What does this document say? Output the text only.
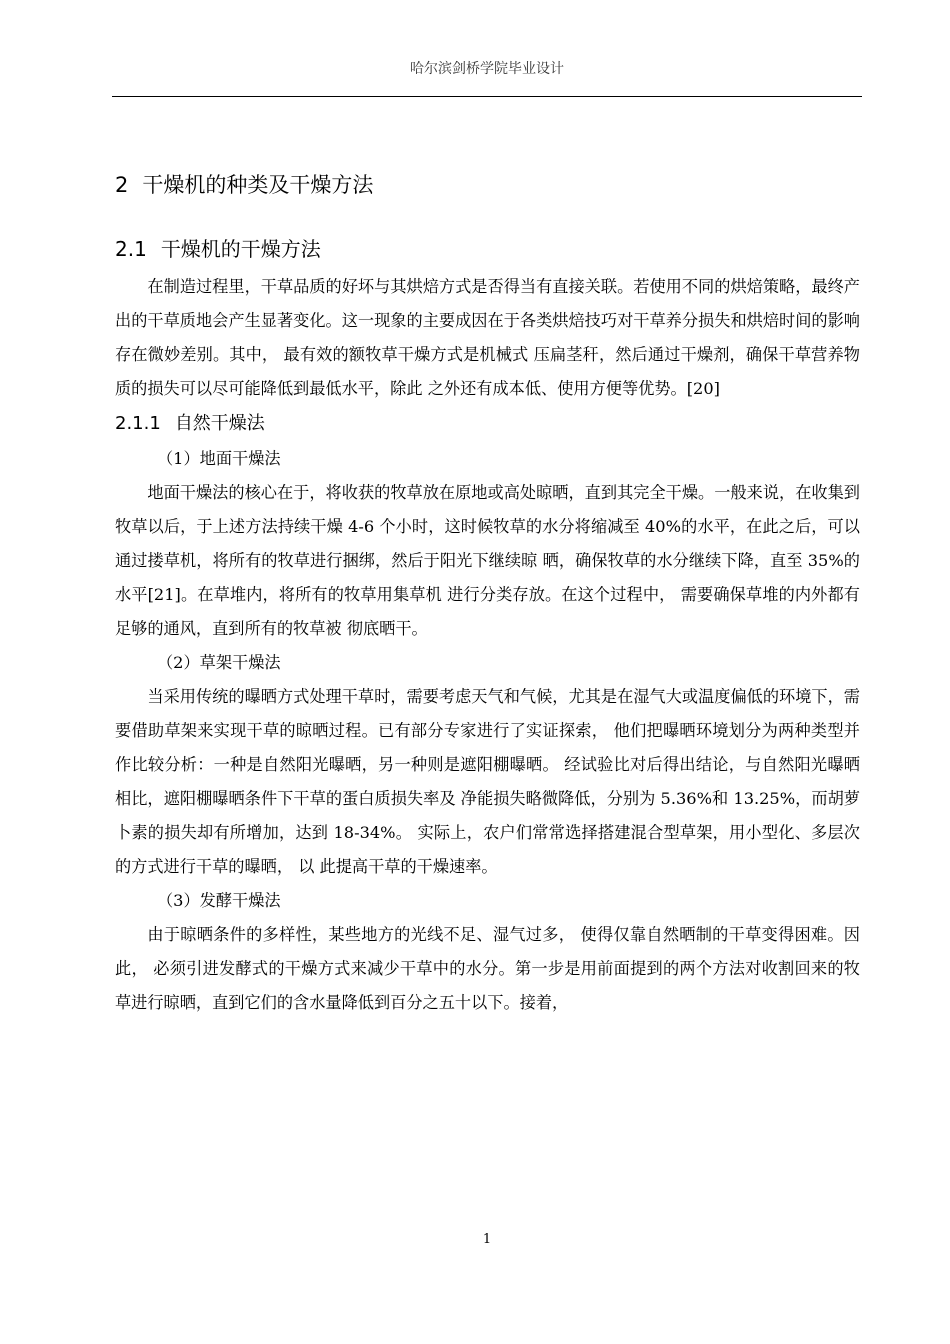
哈尔滨剑桥学院毕业设计
2 干燥机的种类及干燥方法
2.1 干燥机的干燥方法

在制造过程里，干草品质的好坏与其烘焙方式是否得当有直接关联。若使用不同的烘焙策略，最终产出的干草质地会产生显著变化。这一现象的主要成因在于各类烘焙技巧对干草养分损失和烘焙时间的影响存在微妙差别。其中， 最有效的额牧草干燥方式是机械式 压扁茎秆，然后通过干燥剂，确保干草营养物质的损失可以尽可能降低到最低水平，除此 之外还有成本低、使用方便等优势。[20]

2.1.1 自然干燥法

（1）地面干燥法

地面干燥法的核心在于，将收获的牧草放在原地或高处晾晒，直到其完全干燥。一般来说，在收集到牧草以后，于上述方法持续干燥 4-6 个小时，这时候牧草的水分将缩减至 40%的水平，在此之后，可以通过搂草机，将所有的牧草进行捆绑，然后于阳光下继续晾 晒，确保牧草的水分继续下降，直至 35%的水平[21]。在草堆内，将所有的牧草用集草机 进行分类存放。在这个过程中， 需要确保草堆的内外都有足够的通风，直到所有的牧草被 彻底晒干。

（2）草架干燥法

当采用传统的曝晒方式处理干草时，需要考虑天气和气候，尤其是在湿气大或温度偏低的环境下，需要借助草架来实现干草的晾晒过程。已有部分专家进行了实证探索， 他们把曝晒环境划分为两种类型并作比较分析：一种是自然阳光曝晒，另一种则是遮阳棚曝晒。 经试验比对后得出结论，与自然阳光曝晒相比，遮阳棚曝晒条件下干草的蛋白质损失率及 净能损失略微降低，分别为 5.36%和 13.25%，而胡萝卜素的损失却有所增加，达到 18-34%。 实际上，农户们常常选择搭建混合型草架，用小型化、多层次的方式进行干草的曝晒， 以 此提高干草的干燥速率。

（3）发酵干燥法

由于晾晒条件的多样性，某些地方的光线不足、湿气过多， 使得仅靠自然晒制的干草变得困难。因此， 必须引进发酵式的干燥方式来减少干草中的水分。第一步是用前面提到的两个方法对收割回来的牧草进行晾晒，直到它们的含水量降低到百分之五十以下。接着，

1
